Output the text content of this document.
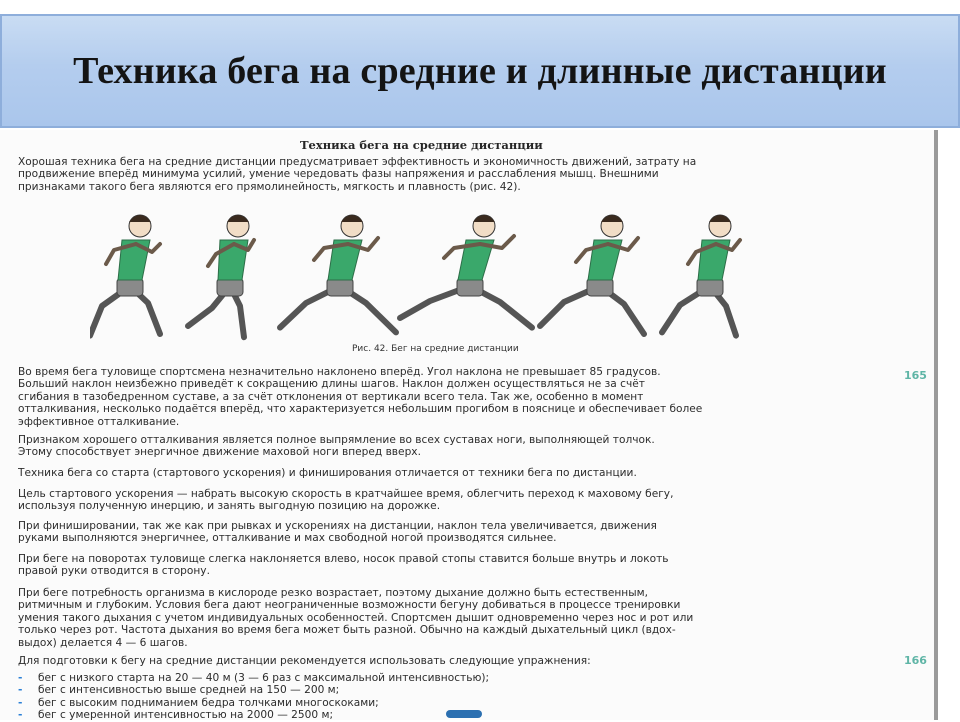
Техника бега на средние и длинные дистанции
Техника бега на средние дистанции
Хорошая техника бега на средние дистанции предусматривает эффективность и экономичность движений, затрату на
продвижение вперёд минимума усилий, умение чередовать фазы напряжения и расслабления мышц. Внешними
признаками такого бега являются его прямолинейность, мягкость и плавность (рис. 42).
Рис. 42. Бег на средние дистанции
165
166
Во время бега туловище спортсмена незначительно наклонено вперёд. Угол наклона не превышает 85 градусов.
Больший наклон неизбежно приведёт к сокращению длины шагов. Наклон должен осуществляться не за счёт
сгибания в тазобедренном суставе, а за счёт отклонения от вертикали всего тела. Так же, особенно в момент
отталкивания, несколько подаётся вперёд, что характеризуется небольшим прогибом в пояснице и обеспечивает более
эффективное отталкивание.
Признаком хорошего отталкивания является полное выпрямление во всех суставах ноги, выполняющей толчок.
Этому способствует энергичное движение маховой ноги вперед вверх.
Техника бега со старта (стартового ускорения) и финиширования отличается от техники бега по дистанции.
Цель стартового ускорения — набрать высокую скорость в кратчайшее время, облегчить переход к маховому бегу,
используя полученную инерцию, и занять выгодную позицию на дорожке.
При финишировании, так же как при рывках и ускорениях на дистанции, наклон тела увеличивается, движения
руками выполняются энергичнее, отталкивание и мах свободной ногой производятся сильнее.
При беге на поворотах туловище слегка наклоняется влево, носок правой стопы ставится больше внутрь и локоть
правой руки отводится в сторону.
При беге потребность организма в кислороде резко возрастает, поэтому дыхание должно быть естественным,
ритмичным и глубоким. Условия бега дают неограниченные возможности бегуну добиваться в процессе тренировки
умения такого дыхания с учетом индивидуальных особенностей. Спортсмен дышит одновременно через нос и рот или
только через рот. Частота дыхания во время бега может быть разной. Обычно на каждый дыхательный цикл (вдох-
выдох) делается 4 — 6 шагов.
Для подготовки к бегу на средние дистанции рекомендуется использовать следующие упражнения:
-	бег с низкого старта на 20 — 40 м (3 — 6 раз с максимальной интенсивностью);
-	бег с интенсивностью выше средней на 150 — 200 м;
-	бег с высоким подниманием бедра толчками многоскоками;
-	бег с умеренной интенсивностью на 2000 — 2500 м;
